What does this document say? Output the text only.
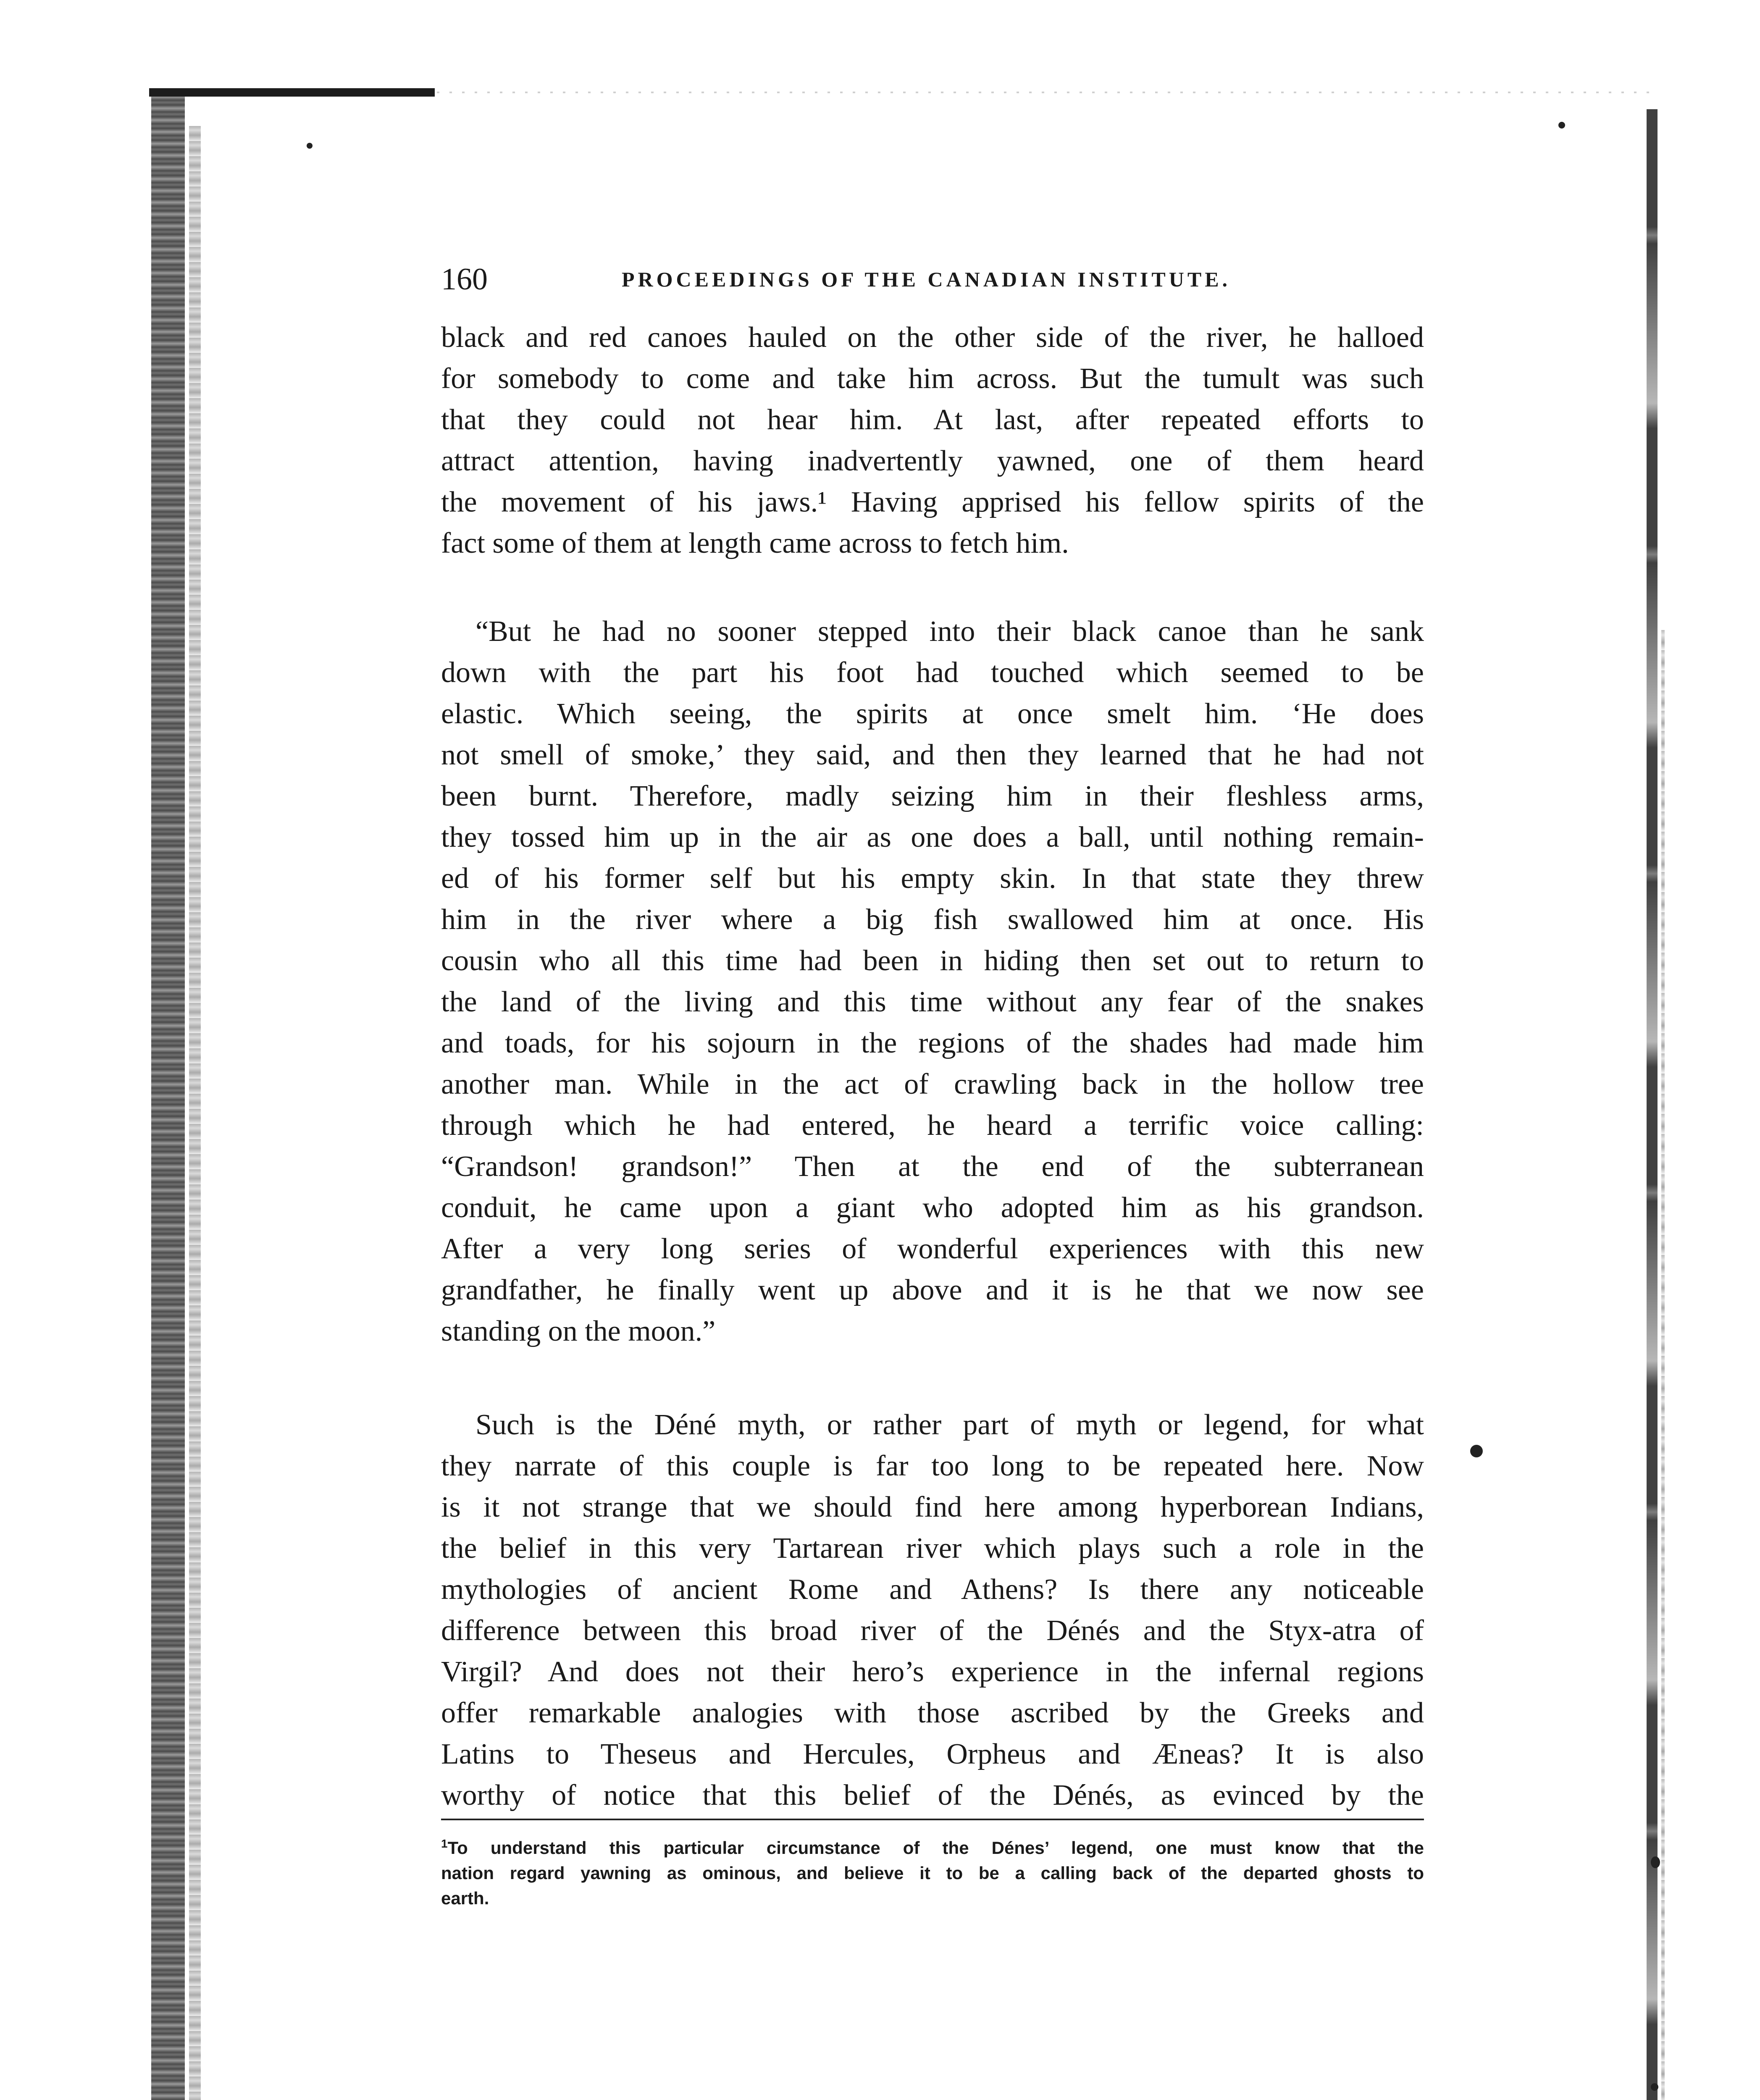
160	PROCEEDINGS OF THE CANADIAN INSTITUTE.

black and red canoes hauled on the other side of the river, he halloed

for somebody to come and take him across. But the tumult was such

that they could not hear him. At last, after repeated efforts to

attract attention, having inadvertently yawned, one of them heard

the movement of his jaws.¹ Having apprised his fellow spirits of the

fact some of them at length came across to fetch him.

“But he had no sooner stepped into their black canoe than he sank

down with the part his foot had touched which seemed to be

elastic. Which seeing, the spirits at once smelt him. ‘He does

not smell of smoke,’ they said, and then they learned that he had not

been burnt. Therefore, madly seizing him in their fleshless arms,

they tossed him up in the air as one does a ball, until nothing remain-

ed of his former self but his empty skin. In that state they threw

him in the river where a big fish swallowed him at once. His

cousin who all this time had been in hiding then set out to return to

the land of the living and this time without any fear of the snakes

and toads, for his sojourn in the regions of the shades had made him

another man. While in the act of crawling back in the hollow tree

through which he had entered, he heard a terrific voice calling:

“Grandson! grandson!” Then at the end of the subterranean

conduit, he came upon a giant who adopted him as his grandson.

After a very long series of wonderful experiences with this new

grandfather, he finally went up above and it is he that we now see

standing on the moon.”

Such is the Déné myth, or rather part of myth or legend, for what

they narrate of this couple is far too long to be repeated here. Now

is it not strange that we should find here among hyperborean Indians,

the belief in this very Tartarean river which plays such a role in the

mythologies of ancient Rome and Athens? Is there any noticeable

difference between this broad river of the Dénés and the Styx-atra of

Virgil? And does not their hero’s experience in the infernal regions

offer remarkable analogies with those ascribed by the Greeks and

Latins to Theseus and Hercules, Orpheus and Æneas? It is also

worthy of notice that this belief of the Dénés, as evinced by the

$^1$To understand this particular circumstance of the Dénes’ legend, one must know that the

nation regard yawning as ominous, and believe it to be a calling back of the departed ghosts to

earth.
